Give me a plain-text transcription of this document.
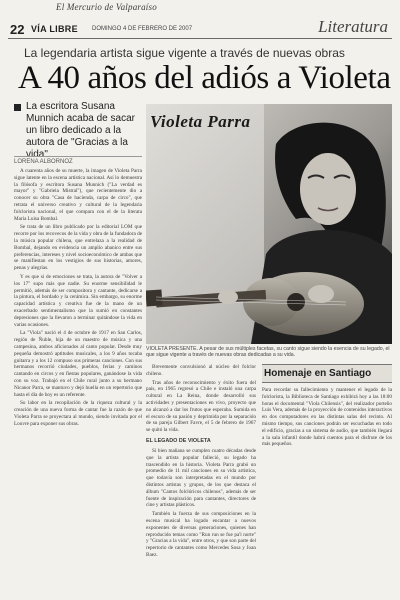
El Mercurio de Valparaíso
22 VÍA LIBRE DOMINGO 4 DE FEBRERO DE 2007	Literatura
La legendaria artista sigue vigente a través de nuevas obras
A 40 años del adiós a Violeta
La escritora Susana Munnich acaba de sacar un libro dedicado a la autora de "Gracias a la vida".
LORENA ALBORNOZ

A cuarenta años de su muerte, la imagen de Violeta Parra sigue latente en la escena artística nacional. Así lo demuestra la filósofa y escritora Susana Munnich ("La verdad es mayor" y "Gabriela Mistral"), que recientemente dio a conocer su obra "Casa de hacienda, carpa de circo", que retrata el universo creativo y cultural de la legendaria folclorista nacional, el que compara con el de la literata María Luisa Bombal.

Se trata de un libro publicado por la editorial LOM que recorre por los recovecos de la vida y obra de la fundadora de la música popular chilena, que entrelaza a la realidad de Bombal, dejando en evidencia un amplio abanico entre sus preferencias, intereses y nivel socioeconómico de ambas que se manifiestan en los vestigios de sus historias, amores, penas y alegrías.

Y es que si de emociones se trata, la autora de "Volver a los 17" supo más que nadie. Su enorme sensibilidad le permitió, además de ser compositora y cantante, dedicarse a la pintura, el bordado y la cerámica. Sin embargo, su enorme capacidad artística y creativa fue de la mano de un exacerbado sentimentalismo que la sumió en constantes depresiones que la llevaron a terminar quitándose la vida en varias ocasiones.

La "Viola" nació el 4 de octubre de 1917 en San Carlos, región de Ñuble, hija de un maestro de música y una campesina, ambos aficionados al canto popular. Desde muy pequeña demostró aptitudes musicales, a los 9 años tocaba guitarra y a los 12 compuso sus primeras canciones. Con sus hermanos recorrió ciudades, pueblos, ferias y caminos cantando en circos y en fiestas populares, ganándose la vida con su voz. Trabajó en el Chile rural junto a su hermano Nicanor Parra, se mantuvo y dejó huella en un repertorio que hasta el día de hoy es un referente.

Su labor en la recopilación de la riqueza cultural y la creación de una nueva forma de cantar fue la razón de que Violeta Parra se proyectara al mundo, siendo invitada por el Louvre para exponer sus obras.

Violeta Parra
VIOLETA PRESENTE. A pesar de sus múltiples facetas, su canto sigue siendo la esencia de su legado, el que sigue vigente a través de nuevas obras dedicadas a su vida.

Brevemente convulsionó al núcleo del folclor chileno.

Tras años de reconocimiento y éxito fuera del país, en 1965 regresó a Chile e instaló una carpa cultural en La Reina, donde desarrolló sus actividades y presentaciones en vivo, proyecto que no alcanzó a dar los frutos que esperaba. Sumida en el escuro de su pasión y deprimida por la separación de su pareja Gilbert Favre, el 5 de febrero de 1967 se quitó la vida.

EL LEGADO DE VIOLETA

Si bien mañana se cumplen cuatro décadas desde que la artista popular falleció, su legado ha trascendido en la historia. Violeta Parra grabó un promedio de 11 mil canciones en su vida artística, que todavía son interpretadas en el mundo por distintos artistas y grupos, de los que destaca el álbum "Cantos folclóricos chilenos", además de ser fuente de inspiración para cantantes, directores de cine y artistas plásticos.

También la fuerza de sus composiciones en la escena musical ha logado encantar a nuevos exponentes de diversas generaciones, quienes han reproducido temas como "Run run se fue pa'l norte" y "Gracias a la vida", entre otros, y que son parte del repertorio de cantantes como Mercedes Sosa y Joan Baez.

Homenaje en Santiago
Para recordar su fallecimiento y mantener el legado de la folclorista, la Biblioteca de Santiago exhibirá hoy a las 18:00 horas el documental "Viola Chilensis", del realizador porteño Luis Vera, además de la proyección de contenidos interactivos en dos computadores en las distintas salas del recinto. Al mismo tiempo, sus canciones podrán ser escuchadas en todo el edificio, gracias a un sistema de audio, que también llegará a la sala infantil donde habrá cuentos para el disfrute de los más pequeños.
